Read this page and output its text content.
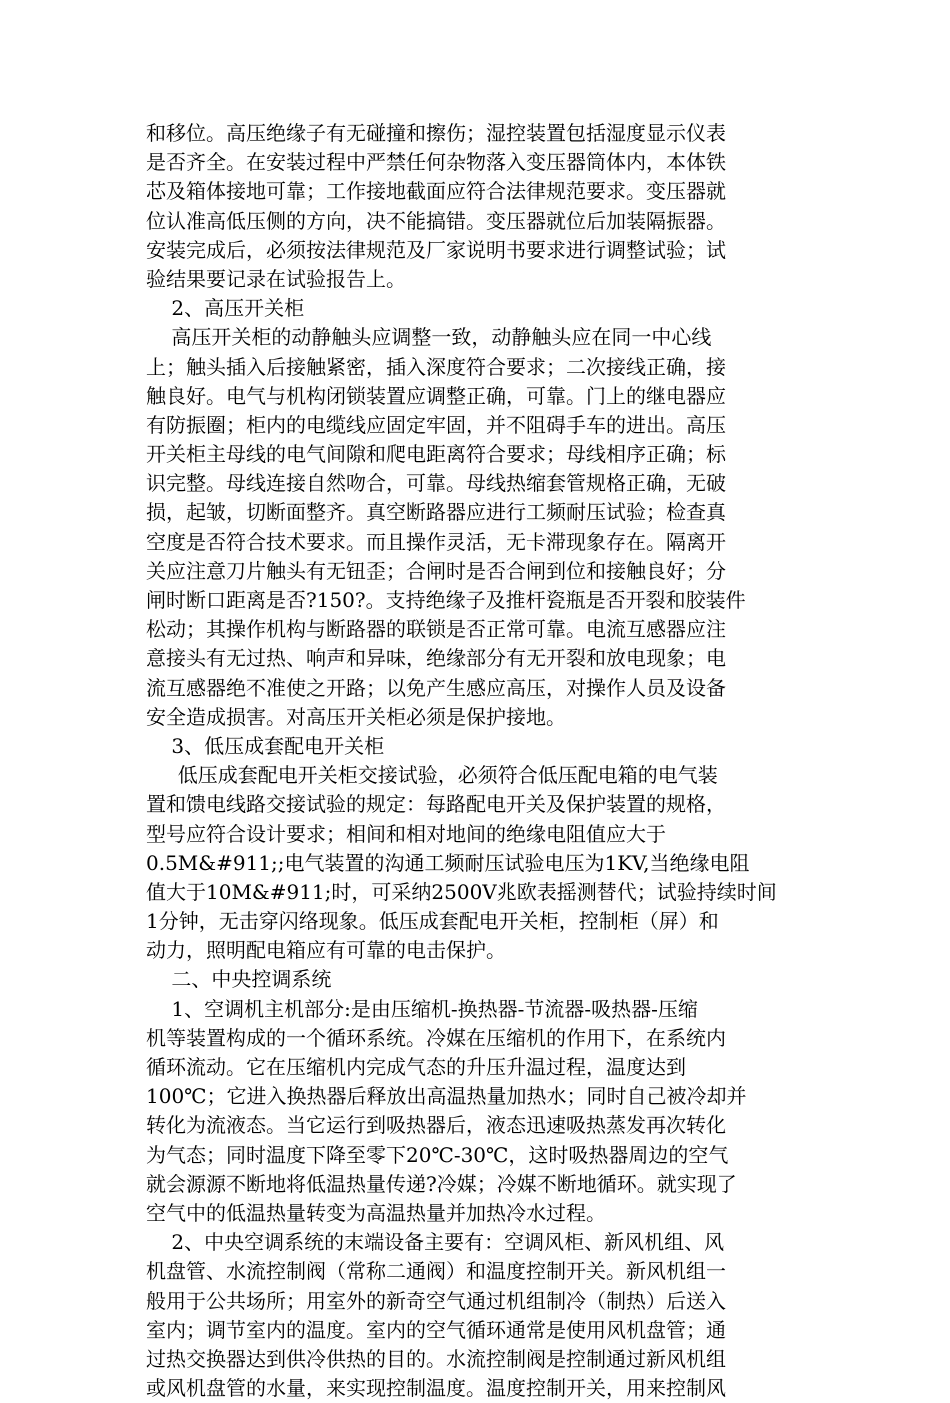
和移位。高压绝缘子有无碰撞和擦伤；湿控装置包括湿度显示仪表
是否齐全。在安装过程中严禁任何杂物落入变压器筒体内，本体铁
芯及箱体接地可靠；工作接地截面应符合法律规范要求。变压器就
位认准高低压侧的方向，决不能搞错。变压器就位后加装隔振器。
安装完成后，必须按法律规范及厂家说明书要求进行调整试验；试
验结果要记录在试验报告上。
2、高压开关柜
高压开关柜的动静触头应调整一致，动静触头应在同一中心线
上；触头插入后接触紧密，插入深度符合要求；二次接线正确，接
触良好。电气与机构闭锁装置应调整正确，可靠。门上的继电器应
有防振圈；柜内的电缆线应固定牢固，并不阻碍手车的进出。高压
开关柜主母线的电气间隙和爬电距离符合要求；母线相序正确；标
识完整。母线连接自然吻合，可靠。母线热缩套管规格正确，无破
损，起皱，切断面整齐。真空断路器应进行工频耐压试验；检查真
空度是否符合技术要求。而且操作灵活，无卡滞现象存在。隔离开
关应注意刀片触头有无钮歪；合闸时是否合闸到位和接触良好；分
闸时断口距离是否?150?。支持绝缘子及推杆瓷瓶是否开裂和胶装件
松动；其操作机构与断路器的联锁是否正常可靠。电流互感器应注
意接头有无过热、响声和异味，绝缘部分有无开裂和放电现象；电
流互感器绝不准使之开路；以免产生感应高压，对操作人员及设备
安全造成损害。对高压开关柜必须是保护接地。
3、低压成套配电开关柜
低压成套配电开关柜交接试验，必须符合低压配电箱的电气装
置和馈电线路交接试验的规定：每路配电开关及保护装置的规格，
型号应符合设计要求；相间和相对地间的绝缘电阻值应大于
0.5M&#911;;电气装置的沟通工频耐压试验电压为1KV,当绝缘电阻
值大于10M&#911;时，可采纳2500V兆欧表摇测替代；试验持续时间
1分钟，无击穿闪络现象。低压成套配电开关柜，控制柜（屏）和
动力，照明配电箱应有可靠的电击保护。
二、中央控调系统
1、空调机主机部分:是由压缩机-换热器-节流器-吸热器-压缩
机等装置构成的一个循环系统。冷媒在压缩机的作用下，在系统内
循环流动。它在压缩机内完成气态的升压升温过程，温度达到
100℃；它进入换热器后释放出高温热量加热水；同时自己被冷却并
转化为流液态。当它运行到吸热器后，液态迅速吸热蒸发再次转化
为气态；同时温度下降至零下20℃-30℃，这时吸热器周边的空气
就会源源不断地将低温热量传递?冷媒；冷媒不断地循环。就实现了
空气中的低温热量转变为高温热量并加热冷水过程。
2、中央空调系统的末端设备主要有：空调风柜、新风机组、风
机盘管、水流控制阀（常称二通阀）和温度控制开关。新风机组一
般用于公共场所；用室外的新奇空气通过机组制冷（制热）后送入
室内；调节室内的温度。室内的空气循环通常是使用风机盘管；通
过热交换器达到供冷供热的目的。水流控制阀是控制通过新风机组
或风机盘管的水量，来实现控制温度。温度控制开关，用来控制风
